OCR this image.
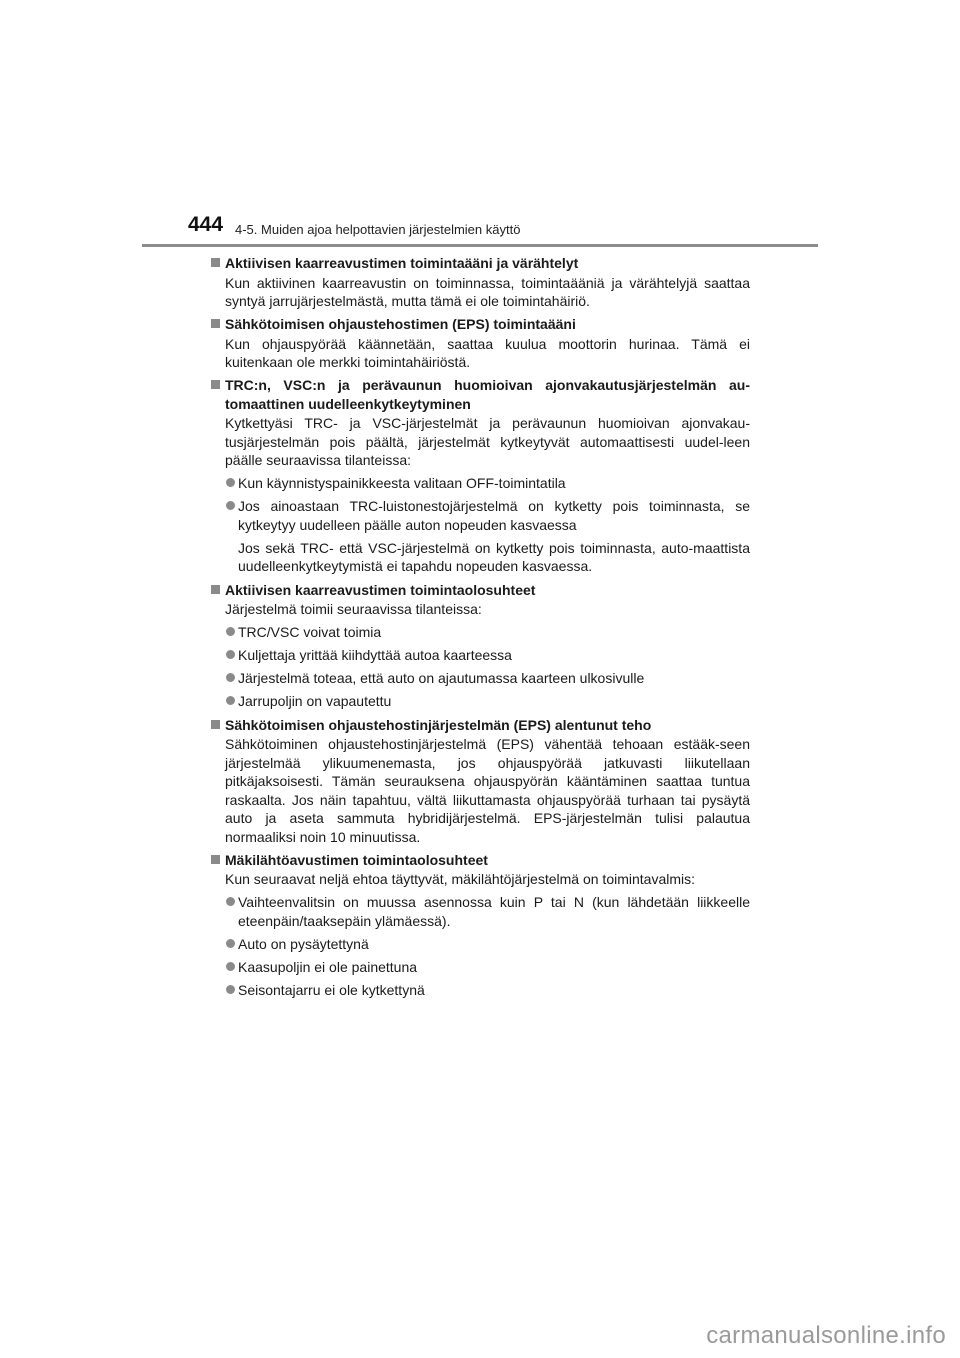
444 4-5. Muiden ajoa helpottavien järjestelmien käyttö
Aktiivisen kaarreavustimen toimintaääni ja värähtelyt
Kun aktiivinen kaarreavustin on toiminnassa, toimintaääniä ja värähtelyjä saattaa syntyä jarrujärjestelmästä, mutta tämä ei ole toimintahäiriö.
Sähkötoimisen ohjaustehostimen (EPS) toimintaääni
Kun ohjauspyörää käännetään, saattaa kuulua moottorin hurinaa. Tämä ei kuitenkaan ole merkki toimintahäiriöstä.
TRC:n, VSC:n ja perävaunun huomioivan ajonvakautusjärjestelmän au-tomaattinen uudelleenkytkeytyminen
Kytkettyäsi TRC- ja VSC-järjestelmät ja perävaunun huomioivan ajonvakau-tusjärjestelmän pois päältä, järjestelmät kytkeytyvät automaattisesti uudel-leen päälle seuraavissa tilanteissa:
Kun käynnistyspainikkeesta valitaan OFF-toimintatila
Jos ainoastaan TRC-luistonestojärjestelmä on kytketty pois toiminnasta, se kytkeytyy uudelleen päälle auton nopeuden kasvaessa
Jos sekä TRC- että VSC-järjestelmä on kytketty pois toiminnasta, auto-maattista uudelleenkytkeytymistä ei tapahdu nopeuden kasvaessa.
Aktiivisen kaarreavustimen toimintaolosuhteet
Järjestelmä toimii seuraavissa tilanteissa:
TRC/VSC voivat toimia
Kuljettaja yrittää kiihdyttää autoa kaarteessa
Järjestelmä toteaa, että auto on ajautumassa kaarteen ulkosivulle
Jarrupoljin on vapautettu
Sähkötoimisen ohjaustehostinjärjestelmän (EPS) alentunut teho
Sähkötoiminen ohjaustehostinjärjestelmä (EPS) vähentää tehoaan estääk-seen järjestelmää ylikuumenemasta, jos ohjauspyörää jatkuvasti liikutellaan pitkäjaksoisesti. Tämän seurauksena ohjauspyörän kääntäminen saattaa tuntua raskaalta. Jos näin tapahtuu, vältä liikuttamasta ohjauspyörää turhaan tai pysäytä auto ja aseta sammuta hybridijärjestelmä. EPS-järjestelmän tulisi palautua normaaliksi noin 10 minuutissa.
Mäkilähtöavustimen toimintaolosuhteet
Kun seuraavat neljä ehtoa täyttyvät, mäkilähtöjärjestelmä on toimintavalmis:
Vaihteenvalitsin on muussa asennossa kuin P tai N (kun lähdetään liikkeelle eteenpäin/taaksepäin ylämäessä).
Auto on pysäytettynä
Kaasupoljin ei ole painettuna
Seisontajarru ei ole kytkettynä
carmanualsonline.info
